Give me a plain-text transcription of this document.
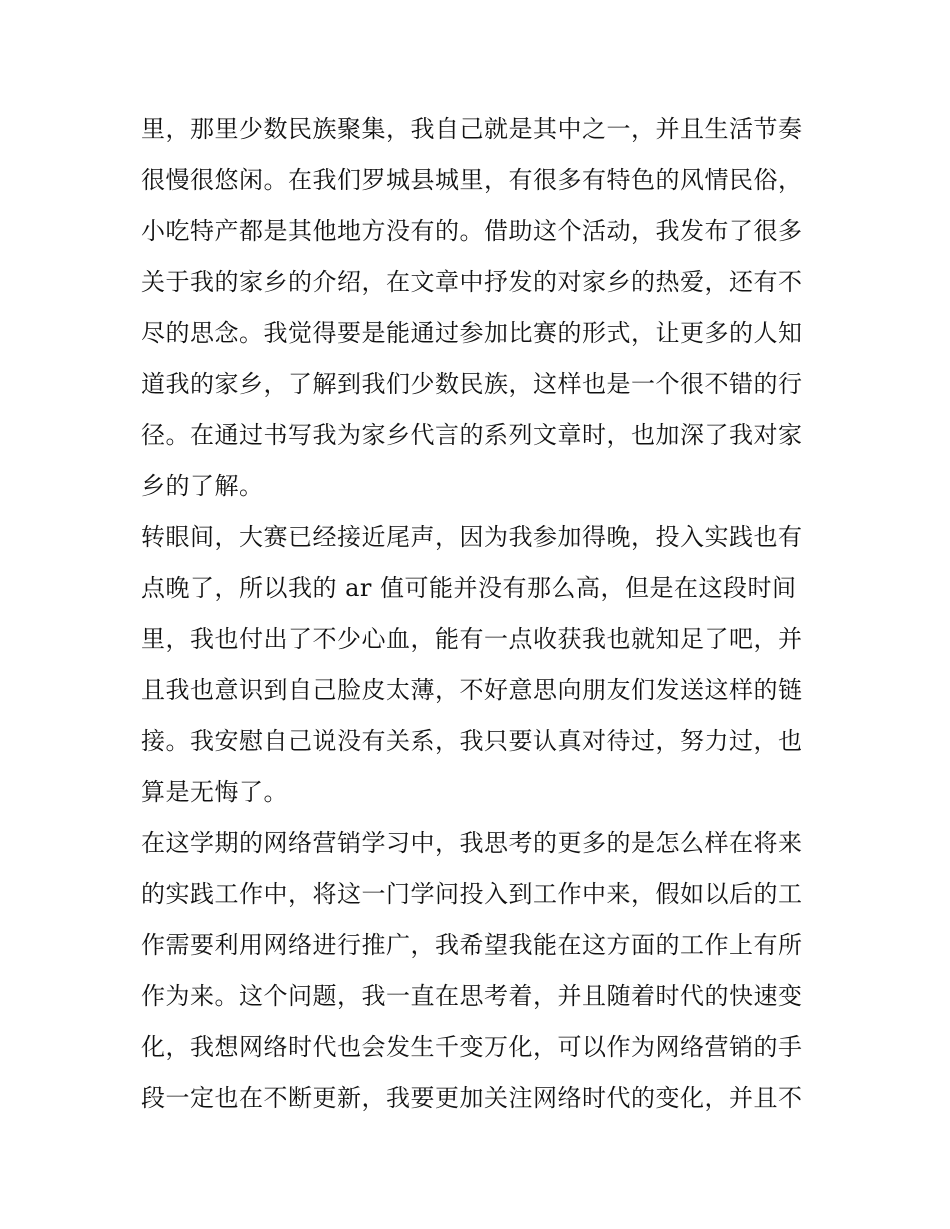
里，那里少数民族聚集，我自己就是其中之一，并且生活节奏
很慢很悠闲。在我们罗城县城里，有很多有特色的风情民俗，
小吃特产都是其他地方没有的。借助这个活动，我发布了很多
关于我的家乡的介绍，在文章中抒发的对家乡的热爱，还有不
尽的思念。我觉得要是能通过参加比赛的形式，让更多的人知
道我的家乡，了解到我们少数民族，这样也是一个很不错的行
径。在通过书写我为家乡代言的系列文章时，也加深了我对家
乡的了解。
转眼间，大赛已经接近尾声，因为我参加得晚，投入实践也有
点晚了，所以我的 ar 值可能并没有那么高，但是在这段时间
里，我也付出了不少心血，能有一点收获我也就知足了吧，并
且我也意识到自己脸皮太薄，不好意思向朋友们发送这样的链
接。我安慰自己说没有关系，我只要认真对待过，努力过，也
算是无悔了。
在这学期的网络营销学习中，我思考的更多的是怎么样在将来
的实践工作中，将这一门学问投入到工作中来，假如以后的工
作需要利用网络进行推广，我希望我能在这方面的工作上有所
作为来。这个问题，我一直在思考着，并且随着时代的快速变
化，我想网络时代也会发生千变万化，可以作为网络营销的手
段一定也在不断更新，我要更加关注网络时代的变化，并且不
